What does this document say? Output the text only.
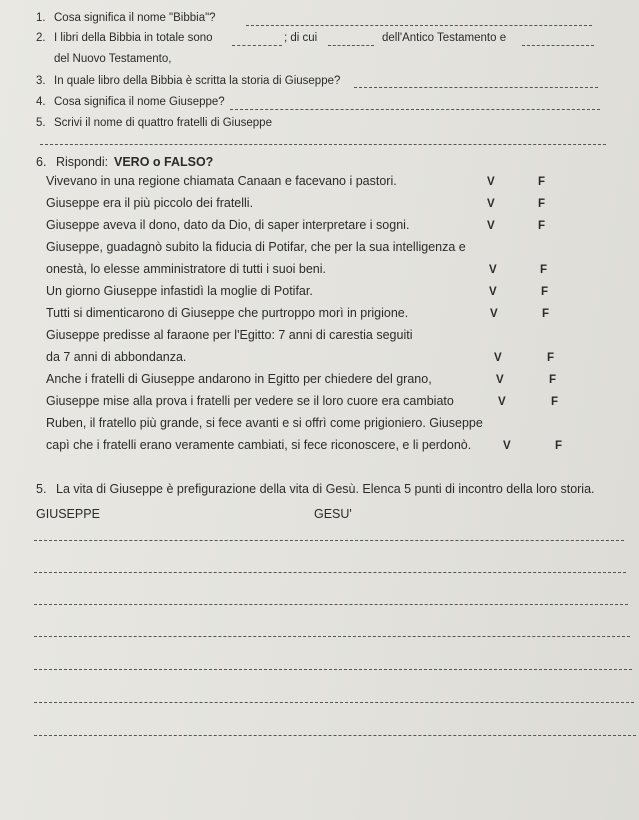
1. Cosa significa il nome "Bibbia"?
2. I libri della Bibbia in totale sono	; di cui	dell'Antico Testamento e
del Nuovo Testamento,
3. In quale libro della Bibbia è scritta la storia di Giuseppe?
4. Cosa significa il nome Giuseppe?
5. Scrivi il nome di quattro fratelli di Giuseppe
6. Rispondi: VERO o FALSO?
Vivevano in una regione chiamata Canaan e facevano i pastori.	V	F
Giuseppe era il più piccolo dei fratelli.	V	F
Giuseppe aveva il dono, dato da Dio, di saper interpretare i sogni.	V	F
Giuseppe, guadagnò subito la fiducia di Potifar, che per la sua intelligenza e
onestà, lo elesse amministratore di tutti i suoi beni.	V	F
Un giorno Giuseppe infastidì la moglie di Potifar.	V	F
Tutti si dimenticarono di Giuseppe che purtroppo morì in prigione.	V	F
Giuseppe predisse al faraone per l'Egitto: 7 anni di carestia seguiti
da 7 anni di abbondanza.	V	F
Anche i fratelli di Giuseppe andarono in Egitto per chiedere del grano,	V	F
Giuseppe mise alla prova i fratelli per vedere se il loro cuore era cambiato	V	F
Ruben, il fratello più grande, si fece avanti e si offrì come prigioniero. Giuseppe
capì che i fratelli erano veramente cambiati, si fece riconoscere, e li perdonò.	V	F
5. La vita di Giuseppe è prefigurazione della vita di Gesù. Elenca 5 punti di incontro della loro storia.
GIUSEPPE	GESU'
